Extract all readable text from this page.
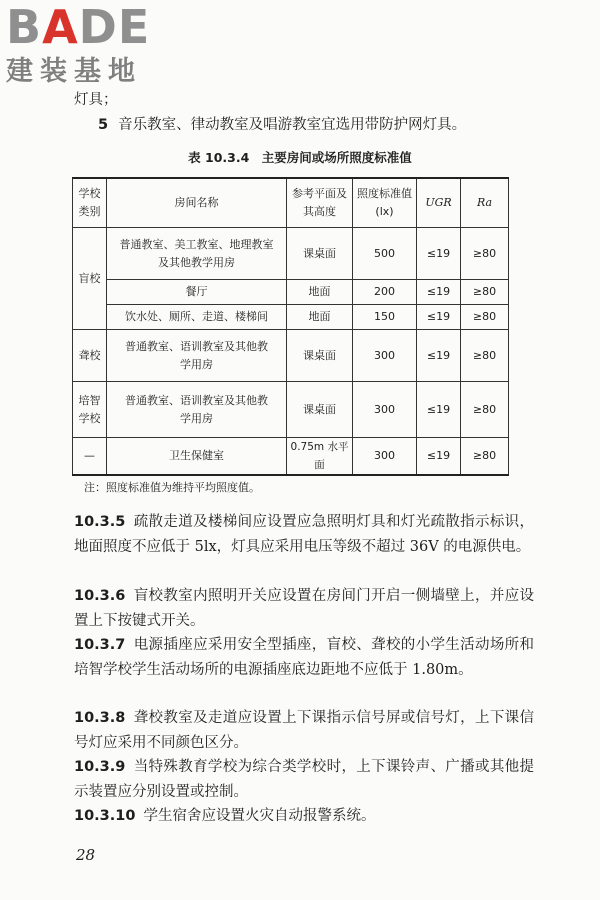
B A DE
建装基地
灯具；
5 音乐教室、律动教室及唱游教室宜选用带防护网灯具。
表 10.3.4　主要房间或场所照度标准值
学校类别	房间名称	参考平面及其高度	照度标准值(lx)	UGR	Ra
盲校	普通教室、美工教室、地理教室及其他教学用房	课桌面	500	≤19	≥80
	餐厅	地面	200	≤19	≥80
	饮水处、厕所、走道、楼梯间	地面	150	≤19	≥80
聋校	普通教室、语训教室及其他教学用房	课桌面	300	≤19	≥80
培智学校	普通教室、语训教室及其他教学用房	课桌面	300	≤19	≥80
—	卫生保健室	0.75m 水平面	300	≤19	≥80
注：照度标准值为维持平均照度值。
10.3.5 疏散走道及楼梯间应设置应急照明灯具和灯光疏散指示标识，地面照度不应低于 5lx，灯具应采用电压等级不超过 36V 的电源供电。
10.3.6 盲校教室内照明开关应设置在房间门开启一侧墙壁上，并应设置上下按键式开关。
10.3.7 电源插座应采用安全型插座，盲校、聋校的小学生活动场所和培智学校学生活动场所的电源插座底边距地不应低于 1.80m。
10.3.8 聋校教室及走道应设置上下课指示信号屏或信号灯，上下课信号灯应采用不同颜色区分。
10.3.9 当特殊教育学校为综合类学校时，上下课铃声、广播或其他提示装置应分别设置或控制。
10.3.10 学生宿舍应设置火灾自动报警系统。
28
